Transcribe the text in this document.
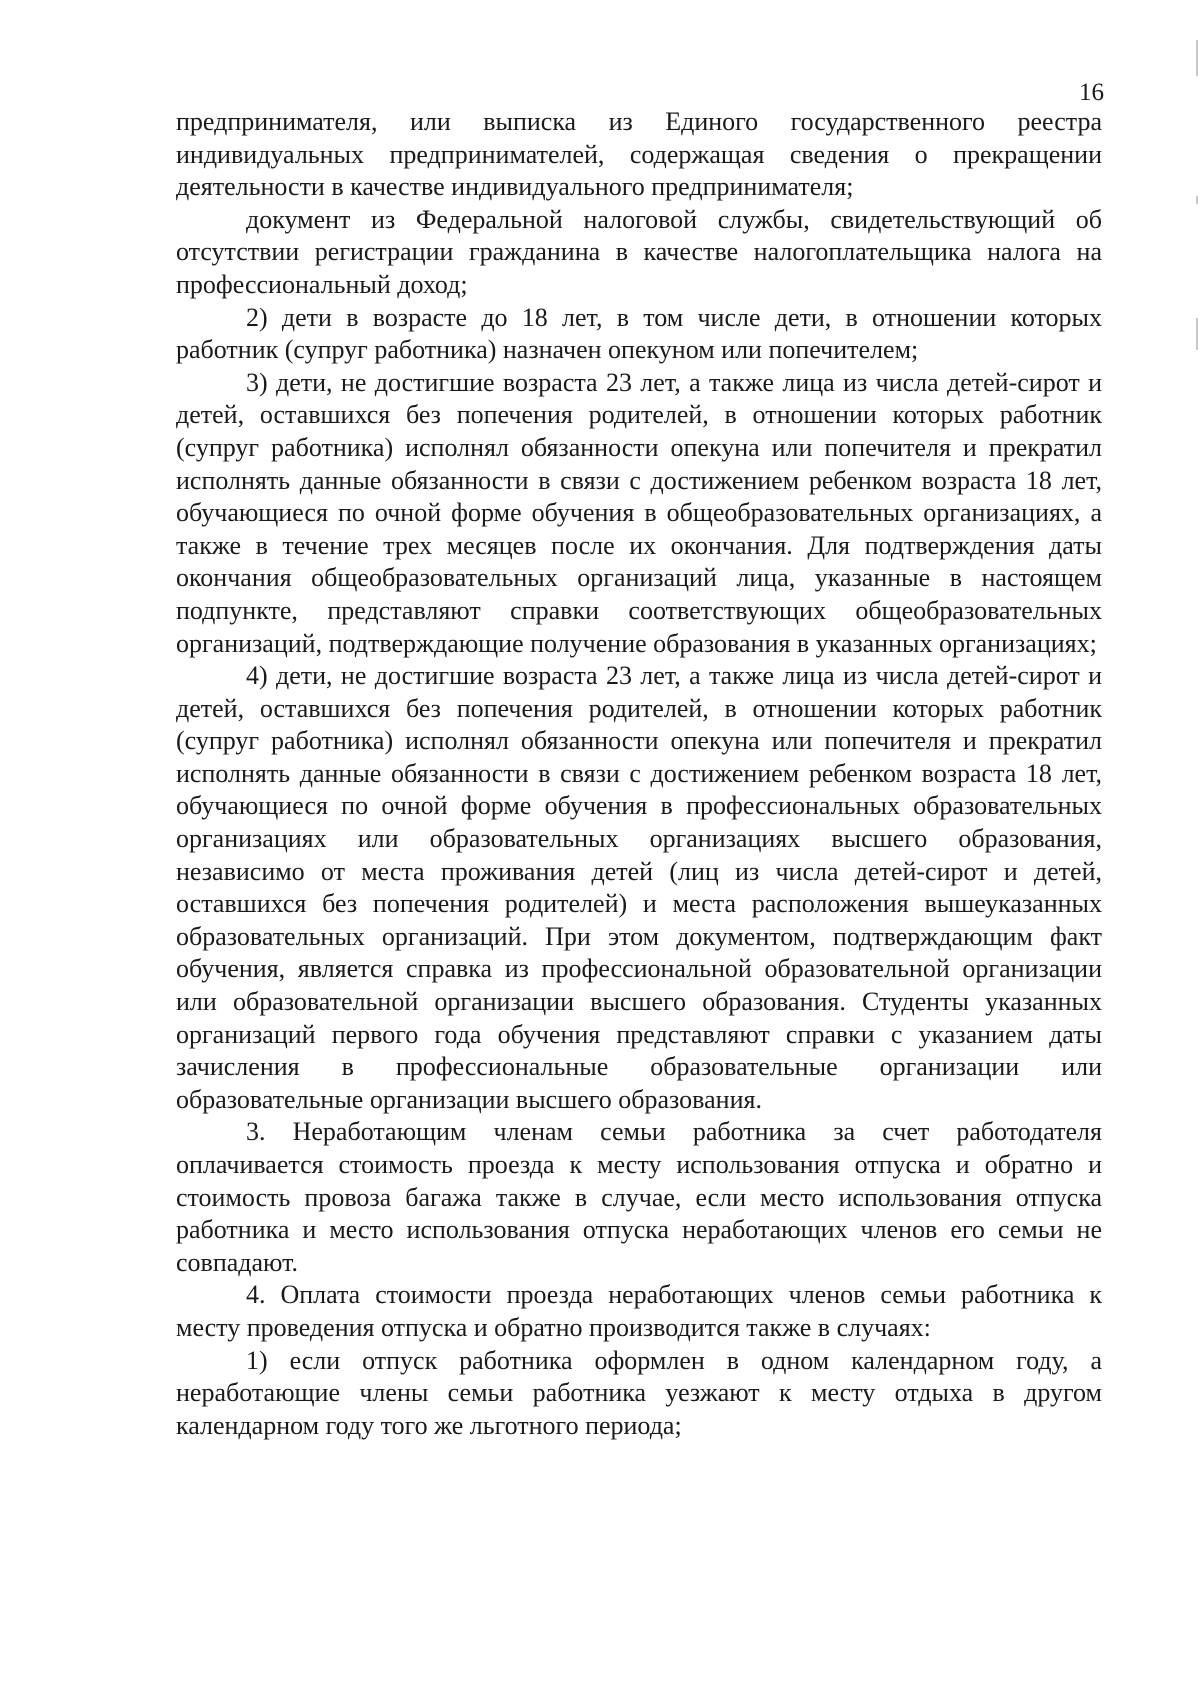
16

предпринимателя, или выписка из Единого государственного реестра индивидуальных предпринимателей, содержащая сведения о прекращении деятельности в качестве индивидуального предпринимателя;

документ из Федеральной налоговой службы, свидетельствующий об отсутствии регистрации гражданина в качестве налогоплательщика налога на профессиональный доход;

2) дети в возрасте до 18 лет, в том числе дети, в отношении которых работник (супруг работника) назначен опекуном или попечителем;

3) дети, не достигшие возраста 23 лет, а также лица из числа детей-сирот и детей, оставшихся без попечения родителей, в отношении которых работник (супруг работника) исполнял обязанности опекуна или попечителя и прекратил исполнять данные обязанности в связи с достижением ребенком возраста 18 лет, обучающиеся по очной форме обучения в общеобразовательных организациях, а также в течение трех месяцев после их окончания. Для подтверждения даты окончания общеобразовательных организаций лица, указанные в настоящем подпункте, представляют справки соответствующих общеобразовательных организаций, подтверждающие получение образования в указанных организациях;

4) дети, не достигшие возраста 23 лет, а также лица из числа детей-сирот и детей, оставшихся без попечения родителей, в отношении которых работник (супруг работника) исполнял обязанности опекуна или попечителя и прекратил исполнять данные обязанности в связи с достижением ребенком возраста 18 лет, обучающиеся по очной форме обучения в профессиональных образовательных организациях или образовательных организациях высшего образования, независимо от места проживания детей (лиц из числа детей-сирот и детей, оставшихся без попечения родителей) и места расположения вышеуказанных образовательных организаций. При этом документом, подтверждающим факт обучения, является справка из профессиональной образовательной организации или образовательной организации высшего образования. Студенты указанных организаций первого года обучения представляют справки с указанием даты зачисления в профессиональные образовательные организации или образовательные организации высшего образования.

3. Неработающим членам семьи работника за счет работодателя оплачивается стоимость проезда к месту использования отпуска и обратно и стоимость провоза багажа также в случае, если место использования отпуска работника и место использования отпуска неработающих членов его семьи не совпадают.

4. Оплата стоимости проезда неработающих членов семьи работника к месту проведения отпуска и обратно производится также в случаях:

1) если отпуск работника оформлен в одном календарном году, а неработающие члены семьи работника уезжают к месту отдыха в другом календарном году того же льготного периода;
